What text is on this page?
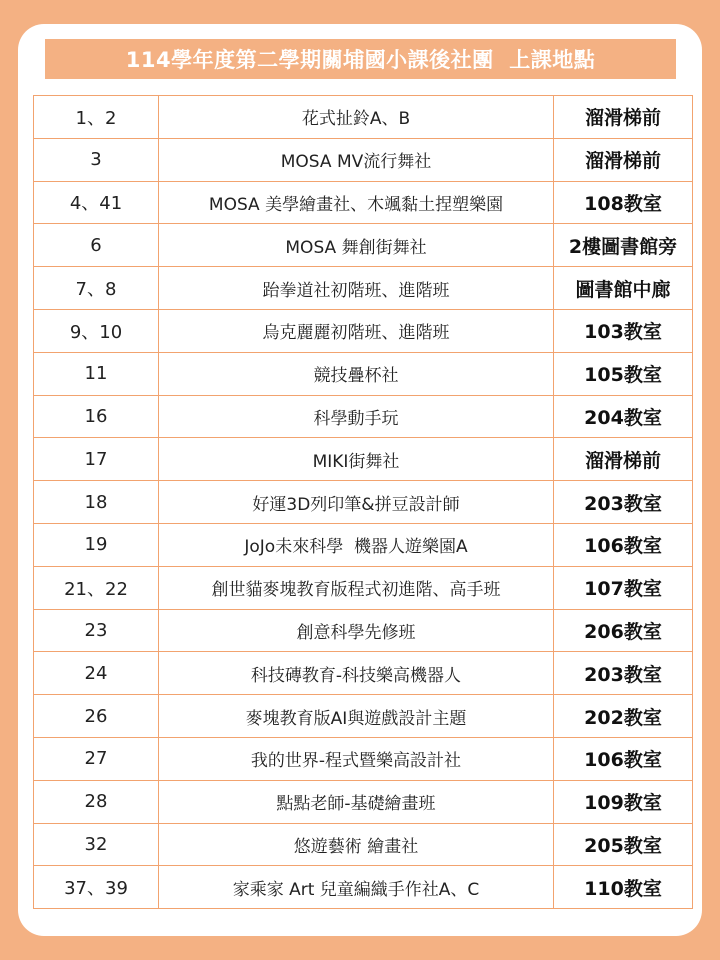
114學年度第二學期關埔國小課後社團  上課地點
1、2	花式扯鈴A、B	溜滑梯前
3	MOSA MV流行舞社	溜滑梯前
4、41	MOSA 美學繪畫社、木颯黏土捏塑樂園	108教室
6	MOSA 舞創街舞社	2樓圖書館旁
7、8	跆拳道社初階班、進階班	圖書館中廊
9、10	烏克麗麗初階班、進階班	103教室
11	競技疊杯社	105教室
16	科學動手玩	204教室
17	MIKI街舞社	溜滑梯前
18	好運3D列印筆&拼豆設計師	203教室
19	JoJo未來科學  機器人遊樂園A	106教室
21、22	創世貓麥塊教育版程式初進階、高手班	107教室
23	創意科學先修班	206教室
24	科技磚教育-科技樂高機器人	203教室
26	麥塊教育版AI與遊戲設計主題	202教室
27	我的世界-程式暨樂高設計社	106教室
28	點點老師-基礎繪畫班	109教室
32	悠遊藝術 繪畫社	205教室
37、39	家乘家 Art 兒童編織手作社A、C	110教室
